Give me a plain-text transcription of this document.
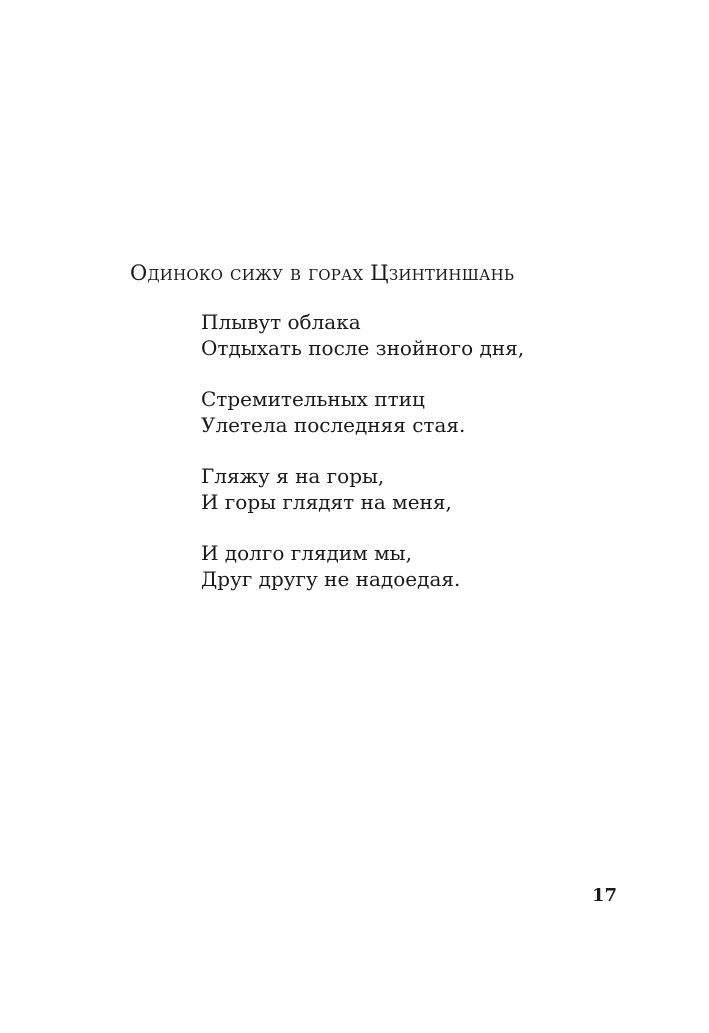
Одиноко сижу в горах Цзинтиншань
Плывут облака
Отдыхать после знойного дня,
Стремительных птиц
Улетела последняя стая.
Гляжу я на горы,
И горы глядят на меня,
И долго глядим мы,
Друг другу не надоедая.
17
